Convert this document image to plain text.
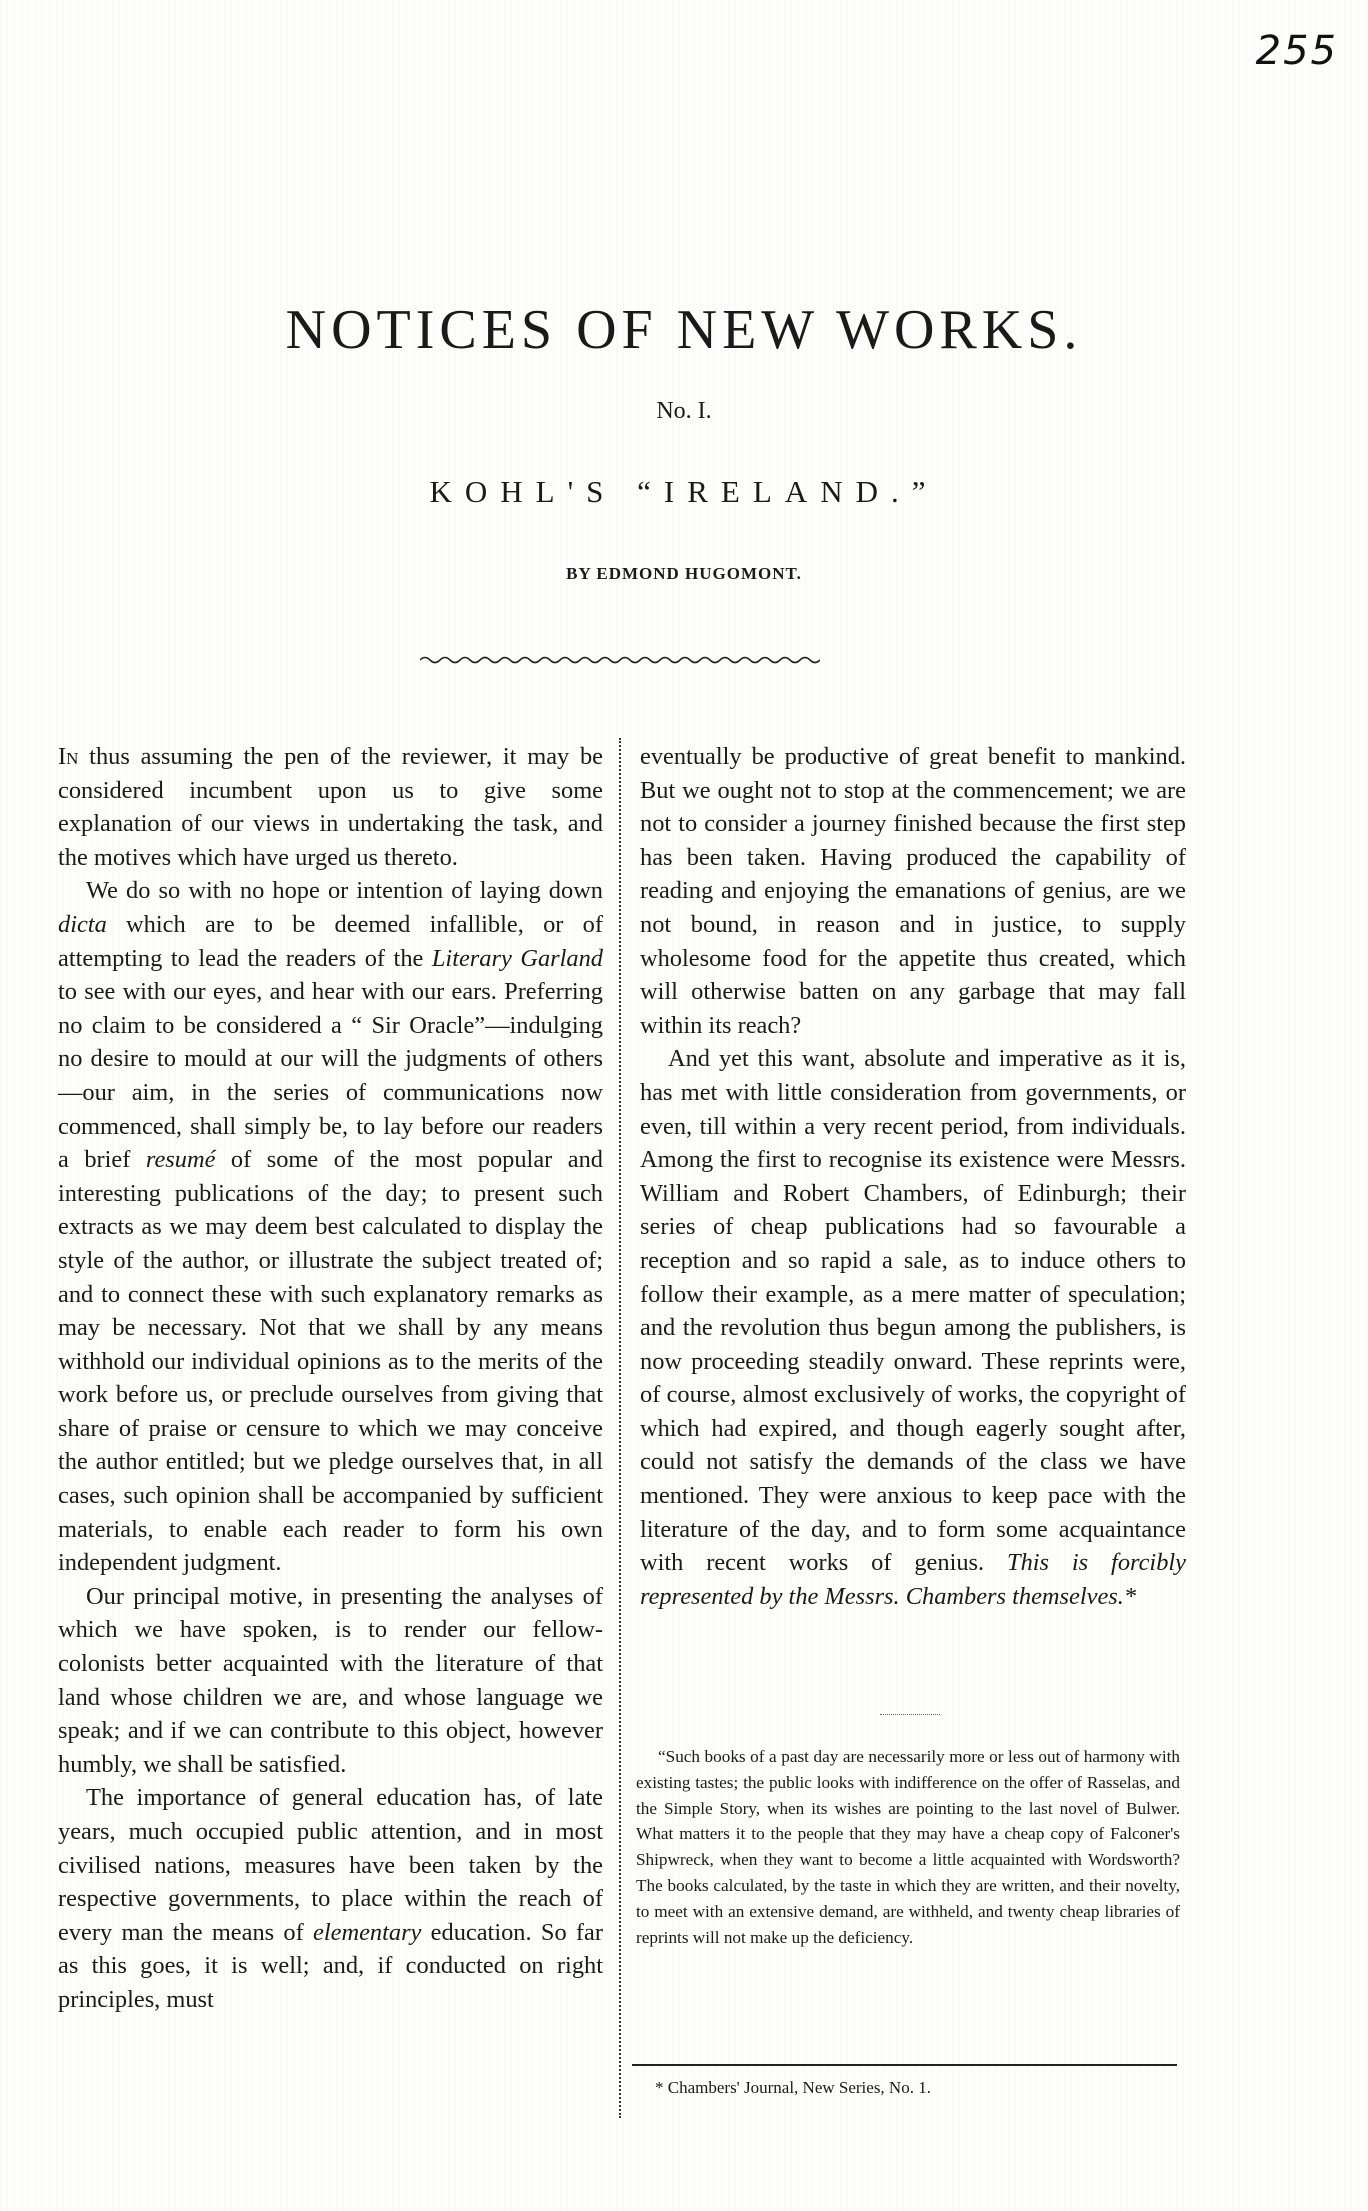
255
NOTICES OF NEW WORKS.
No. I.
KOHL'S “IRELAND.”
BY EDMOND HUGOMONT.

In thus assuming the pen of the reviewer, it may be considered incumbent upon us to give some explanation of our views in undertaking the task, and the motives which have urged us thereto.

We do so with no hope or intention of laying down dicta which are to be deemed infallible, or of attempting to lead the readers of the Literary Garland to see with our eyes, and hear with our ears. Preferring no claim to be considered a “ Sir Oracle”—indulging no desire to mould at our will the judgments of others—our aim, in the series of communications now commenced, shall simply be, to lay before our readers a brief resumé of some of the most popular and interesting publications of the day; to present such extracts as we may deem best calculated to display the style of the author, or illustrate the subject treated of; and to connect these with such explanatory remarks as may be necessary. Not that we shall by any means withhold our individual opinions as to the merits of the work before us, or preclude ourselves from giving that share of praise or censure to which we may conceive the author entitled; but we pledge ourselves that, in all cases, such opinion shall be accompanied by sufficient materials, to enable each reader to form his own independent judgment.

Our principal motive, in presenting the analyses of which we have spoken, is to render our fellow-colonists better acquainted with the literature of that land whose children we are, and whose language we speak; and if we can contribute to this object, however humbly, we shall be satisfied.

The importance of general education has, of late years, much occupied public attention, and in most civilised nations, measures have been taken by the respective governments, to place within the reach of every man the means of elementary education. So far as this goes, it is well; and, if conducted on right principles, must

eventually be productive of great benefit to mankind. But we ought not to stop at the commencement; we are not to consider a journey finished because the first step has been taken. Having produced the capability of reading and enjoying the emanations of genius, are we not bound, in reason and in justice, to supply wholesome food for the appetite thus created, which will otherwise batten on any garbage that may fall within its reach?

And yet this want, absolute and imperative as it is, has met with little consideration from governments, or even, till within a very recent period, from individuals. Among the first to recognise its existence were Messrs. William and Robert Chambers, of Edinburgh; their series of cheap publications had so favourable a reception and so rapid a sale, as to induce others to follow their example, as a mere matter of speculation; and the revolution thus begun among the publishers, is now proceeding steadily onward. These reprints were, of course, almost exclusively of works, the copyright of which had expired, and though eagerly sought after, could not satisfy the demands of the class we have mentioned. They were anxious to keep pace with the literature of the day, and to form some acquaintance with recent works of genius. This is forcibly represented by the Messrs. Chambers themselves.*

“Such books of a past day are necessarily more or less out of harmony with existing tastes; the public looks with indifference on the offer of Rasselas, and the Simple Story, when its wishes are pointing to the last novel of Bulwer. What matters it to the people that they may have a cheap copy of Falconer's Shipwreck, when they want to become a little acquainted with Wordsworth? The books calculated, by the taste in which they are written, and their novelty, to meet with an extensive demand, are withheld, and twenty cheap libraries of reprints will not make up the deficiency.

* Chambers' Journal, New Series, No. 1.
